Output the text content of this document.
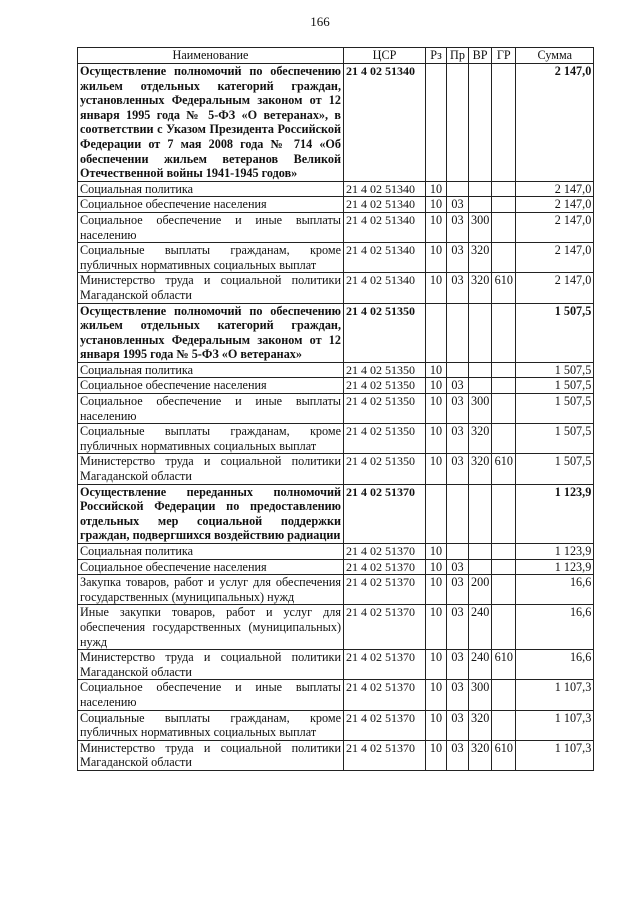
166
Наименование	ЦСР	Рз	Пр	ВР	ГР	Сумма
Осуществление полномочий по обеспечению жильем отдельных категорий граждан, установленных Федеральным законом от 12 января 1995 года № 5-ФЗ «О ветеранах», в соответствии с Указом Президента Российской Федерации от 7 мая 2008 года № 714 «Об обеспечении жильем ветеранов Великой Отечественной войны 1941-1945 годов»	21 4 02 51340					2 147,0
Социальная политика	21 4 02 51340	10				2 147,0
Социальное обеспечение населения	21 4 02 51340	10	03			2 147,0
Социальное обеспечение и иные выплаты населению	21 4 02 51340	10	03	300		2 147,0
Социальные выплаты гражданам, кроме публичных нормативных социальных выплат	21 4 02 51340	10	03	320		2 147,0
Министерство труда и социальной политики Магаданской области	21 4 02 51340	10	03	320	610	2 147,0
Осуществление полномочий по обеспечению жильем отдельных категорий граждан, установленных Федеральным законом от 12 января 1995 года № 5-ФЗ «О ветеранах»	21 4 02 51350					1 507,5
Социальная политика	21 4 02 51350	10				1 507,5
Социальное обеспечение населения	21 4 02 51350	10	03			1 507,5
Социальное обеспечение и иные выплаты населению	21 4 02 51350	10	03	300		1 507,5
Социальные выплаты гражданам, кроме публичных нормативных социальных выплат	21 4 02 51350	10	03	320		1 507,5
Министерство труда и социальной политики Магаданской области	21 4 02 51350	10	03	320	610	1 507,5
Осуществление переданных полномочий Российской Федерации по предоставлению отдельных мер социальной поддержки граждан, подвергшихся воздействию радиации	21 4 02 51370					1 123,9
Социальная политика	21 4 02 51370	10				1 123,9
Социальное обеспечение населения	21 4 02 51370	10	03			1 123,9
Закупка товаров, работ и услуг для обеспечения государственных (муниципальных) нужд	21 4 02 51370	10	03	200		16,6
Иные закупки товаров, работ и услуг для обеспечения государственных (муниципальных) нужд	21 4 02 51370	10	03	240		16,6
Министерство труда и социальной политики Магаданской области	21 4 02 51370	10	03	240	610	16,6
Социальное обеспечение и иные выплаты населению	21 4 02 51370	10	03	300		1 107,3
Социальные выплаты гражданам, кроме публичных нормативных социальных выплат	21 4 02 51370	10	03	320		1 107,3
Министерство труда и социальной политики Магаданской области	21 4 02 51370	10	03	320	610	1 107,3
